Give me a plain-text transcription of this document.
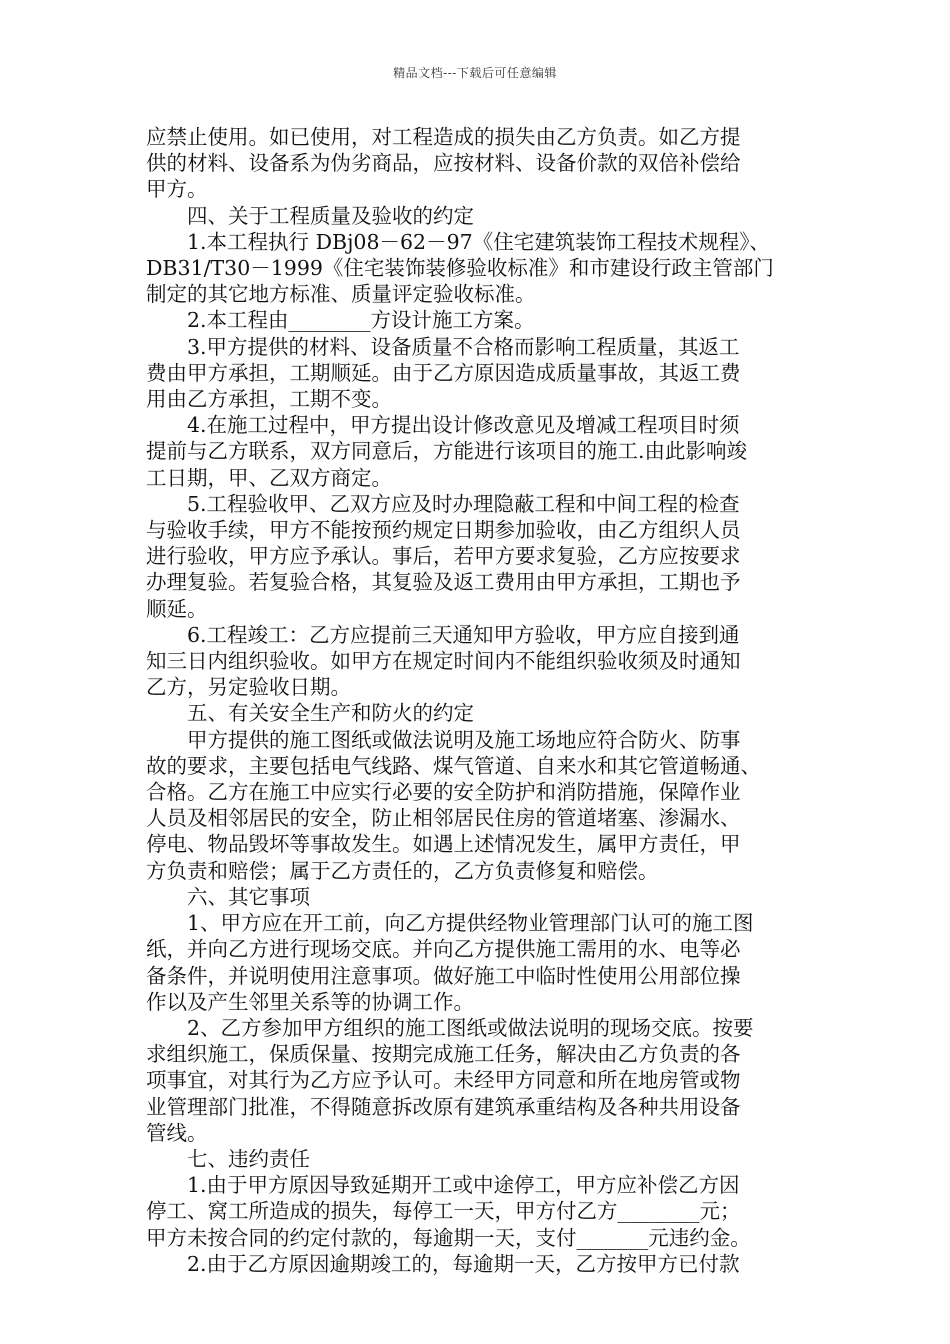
精品文档---下载后可任意编辑

应禁止使用。如已使用，对工程造成的损失由乙方负责。如乙方提

供的材料、设备系为伪劣商品，应按材料、设备价款的双倍补偿给

甲方。

四、关于工程质量及验收的约定

1.本工程执行 DBj08－62－97《住宅建筑装饰工程技术规程》、

DB31/T30－1999《住宅装饰装修验收标准》和市建设行政主管部门

制定的其它地方标准、质量评定验收标准。

2.本工程由________方设计施工方案。

3.甲方提供的材料、设备质量不合格而影响工程质量，其返工

费由甲方承担，工期顺延。由于乙方原因造成质量事故，其返工费

用由乙方承担，工期不变。

4.在施工过程中，甲方提出设计修改意见及增减工程项目时须

提前与乙方联系，双方同意后，方能进行该项目的施工.由此影响竣

工日期，甲、乙双方商定。

5.工程验收甲、乙双方应及时办理隐蔽工程和中间工程的检查

与验收手续，甲方不能按预约规定日期参加验收，由乙方组织人员

进行验收，甲方应予承认。事后，若甲方要求复验，乙方应按要求

办理复验。若复验合格，其复验及返工费用由甲方承担，工期也予

顺延。

6.工程竣工：乙方应提前三天通知甲方验收，甲方应自接到通

知三日内组织验收。如甲方在规定时间内不能组织验收须及时通知

乙方，另定验收日期。

五、有关安全生产和防火的约定

甲方提供的施工图纸或做法说明及施工场地应符合防火、防事

故的要求，主要包括电气线路、煤气管道、自来水和其它管道畅通、

合格。乙方在施工中应实行必要的安全防护和消防措施，保障作业

人员及相邻居民的安全，防止相邻居民住房的管道堵塞、渗漏水、

停电、物品毁坏等事故发生。如遇上述情况发生，属甲方责任，甲

方负责和赔偿；属于乙方责任的，乙方负责修复和赔偿。

六、其它事项

1、甲方应在开工前，向乙方提供经物业管理部门认可的施工图

纸，并向乙方进行现场交底。并向乙方提供施工需用的水、电等必

备条件，并说明使用注意事项。做好施工中临时性使用公用部位操

作以及产生邻里关系等的协调工作。

2、乙方参加甲方组织的施工图纸或做法说明的现场交底。按要

求组织施工，保质保量、按期完成施工任务，解决由乙方负责的各

项事宜，对其行为乙方应予认可。未经甲方同意和所在地房管或物

业管理部门批准，不得随意拆改原有建筑承重结构及各种共用设备

管线。

七、违约责任

1.由于甲方原因导致延期开工或中途停工，甲方应补偿乙方因

停工、窝工所造成的损失，每停工一天，甲方付乙方________元；

甲方未按合同的约定付款的，每逾期一天，支付_______元违约金。

2.由于乙方原因逾期竣工的，每逾期一天，乙方按甲方已付款
